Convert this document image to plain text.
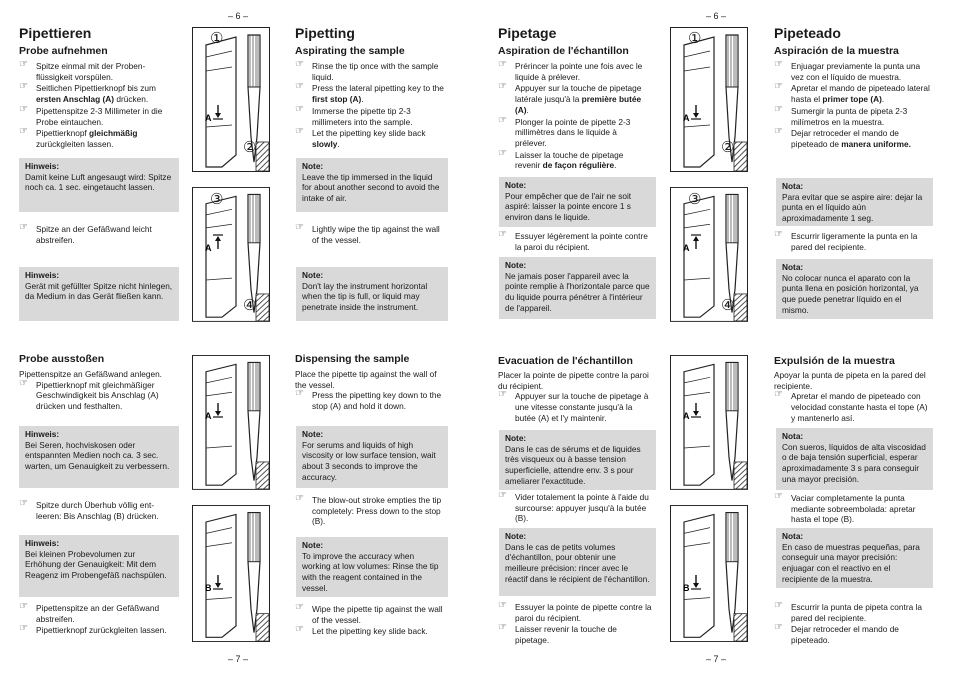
– 6 –	– 6 –
– 7 –	– 7 –
A
①
②
A
③
④
A
B
A
①
②
A
③
④
A
B
Pipettieren
Probe aufnehmen

☞ Spitze einmal mit der Probenflüssigkeit vorspülen.

☞ Seitlichen Pipettierknopf bis zum ersten Anschlag (A) drücken.

☞ Pipettenspitze 2-3 Millimeter in die Probe eintauchen.

☞ Pipettierknopf gleichmäßig zurückgleiten lassen.

Hinweis:
Damit keine Luft angesaugt wird: Spitze noch ca. 1 sec. eingetaucht lassen.

☞ Spitze an der Gefäßwand leicht abstreifen.

Hinweis:
Gerät mit gefüllter Spitze nicht hinlegen, da Medium in das Gerät fließen kann.
Probe ausstoßen

Pipettenspitze an Gefäßwand anlegen.

☞ Pipettierknopf mit gleichmäßiger Geschwindigkeit bis Anschlag (A) drücken und festhalten.

Hinweis:
Bei Seren, hochviskosen oder entspannten Medien noch ca. 3 sec. warten, um Genauigkeit zu verbessern.

☞ Spitze durch Überhub völlig entleeren: Bis Anschlag (B) drücken.

Hinweis:
Bei kleinen Probevolumen zur Erhöhung der Genauigkeit: Mit dem Reagenz im Probengefäß nachspülen.

☞ Pipettenspitze an der Gefäßwand abstreifen.

☞ Pipettierknopf zurückgleiten lassen.

Pipetting
Aspirating the sample

☞ Rinse the tip once with the sample liquid.

☞ Press the lateral pipetting key to the first stop (A).

☞ Immerse the pipette tip 2-3 millimeters into the sample.

☞ Let the pipetting key slide back slowly.

Note:
Leave the tip immersed in the liquid for about another second to avoid the intake of air.

☞ Lightly wipe the tip against the wall of the vessel.

Note:
Don't lay the instrument horizontal when the tip is full, or liquid may penetrate inside the instrument.
Dispensing the sample

Place the pipette tip against the wall of the vessel.

☞ Press the pipetting key down to the stop (A) and hold it down.

Note:
For serums and liquids of high viscosity or low surface tension, wait about 3 seconds to improve the accuracy.

☞ The blow-out stroke empties the tip completely: Press down to the stop (B).

Note:
To improve the accuracy when working at low volumes: Rinse the tip with the reagent contained in the vessel.

☞ Wipe the pipette tip against the wall of the vessel.

☞ Let the pipetting key slide back.

Pipetage
Aspiration de l'échantillon

☞ Prérincer la pointe une fois avec le liquide à prélever.

☞ Appuyer sur la touche de pipetage latérale jusqu'à la première butée (A).

☞ Plonger la pointe de pipette 2-3 millimètres dans le liquide à prélever.

☞ Laisser la touche de pipetage revenir de façon régulière.

Note:
Pour empêcher que de l'air ne soit aspiré: laisser la pointe encore 1 s environ dans le liquide.

☞ Essuyer légèrement la pointe contre la paroi du récipient.

Note:
Ne jamais poser l'appareil avec la pointe remplie à l'horizontale parce que du liquide pourra pénétrer à l'intérieur de l'appareil.
Evacuation de l'échantillon

Placer la pointe de pipette contre la paroi du récipient.

☞ Appuyer sur la touche de pipetage à une vitesse constante jusqu'à la butée (A) et l'y maintenir.

Note:
Dans le cas de sérums et de liquides très visqueux ou à basse tension superficielle, attendre env. 3 s pour ameliarer l'exactitude.

☞ Vider totalement la pointe à l'aide du surcourse: appuyer jusqu'à la butée (B).

Note:
Dans le cas de petits volumes d'échantillon, pour obtenir une meilleure précision: rincer avec le réactif dans le récipient de l'échantillon.

☞ Essuyer la pointe de pipette contre la paroi du récipient.

☞ Laisser revenir la touche de pipetage.

Pipeteado
Aspiración de la muestra

☞ Enjuagar previamente la punta una vez con el líquido de muestra.

☞ Apretar el mando de pipeteado lateral hasta el primer tope (A).

☞ Sumergir la punta de pipeta 2-3 milímetros en la muestra.

☞ Dejar retroceder el mando de pipeteado de manera uniforme.

Nota:
Para evitar que se aspire aire: dejar la punta en el líquido aún aproximadamente 1 seg.

☞ Escurrir ligeramente la punta en la pared del recipiente.

Nota:
No colocar nunca el aparato con la punta llena en posición horizontal, ya que puede penetrar líquido en el mismo.
Expulsión de la muestra

Apoyar la punta de pipeta en la pared del recipiente.

☞ Apretar el mando de pipeteado con velocidad constante hasta el tope (A) y mantenerlo así.

Nota:
Con sueros, líquidos de alta viscosidad o de baja tensión superficial, esperar aproximadamente 3 s para conseguir una mayor precisión.

☞ Vaciar completamente la punta mediante sobreembolada: apretar hasta el tope (B).

Nota:
En caso de muestras pequeñas, para conseguir una mayor precisión: enjuagar con el reactivo en el recipiente de la muestra.

☞ Escurrir la punta de pipeta contra la pared del recipiente.

☞ Dejar retroceder el mando de pipeteado.
